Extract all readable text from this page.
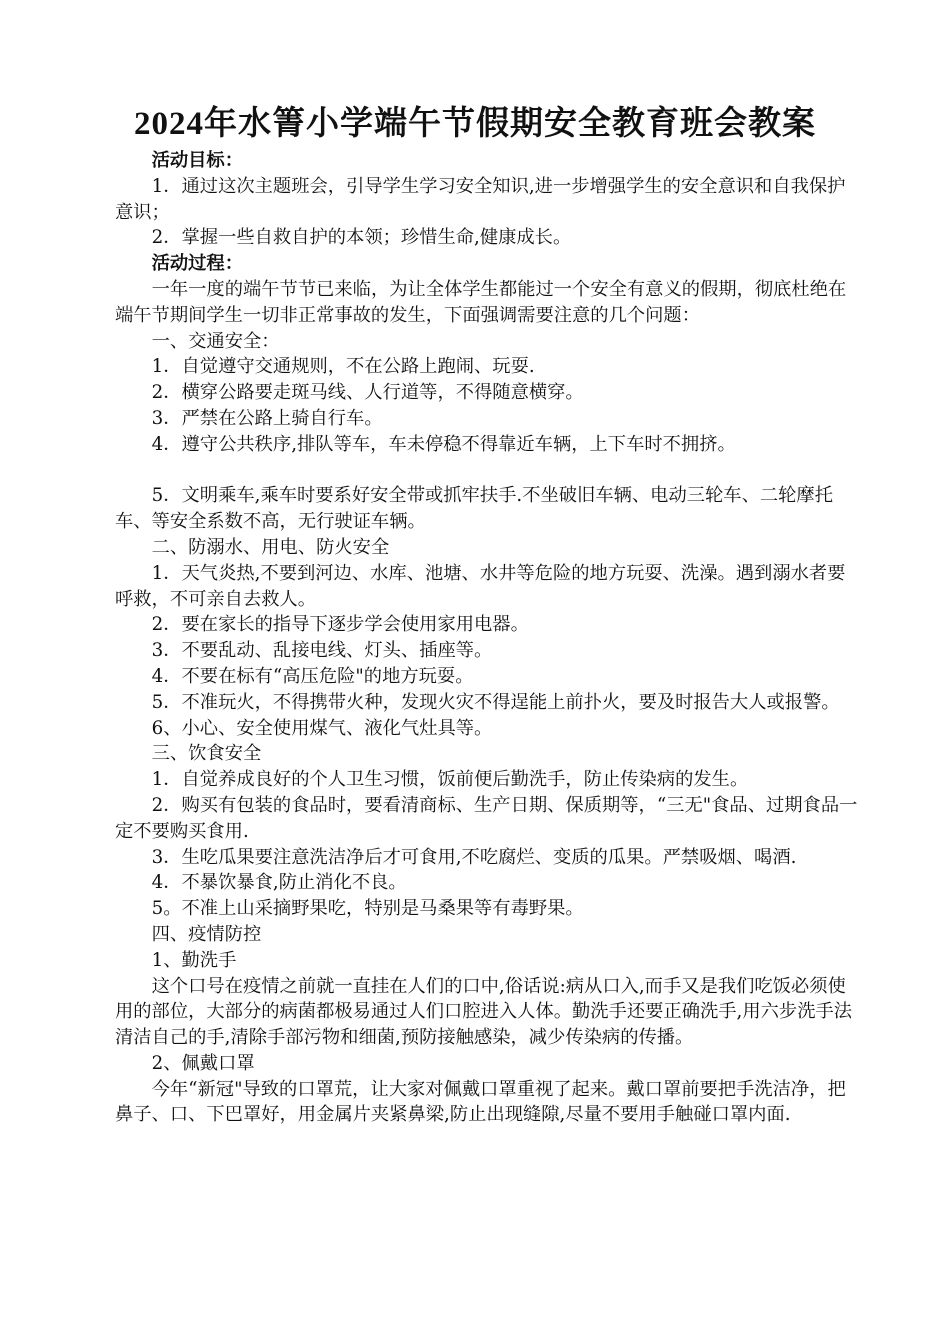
2024年水箐小学端午节假期安全教育班会教案

活动目标：

1．通过这次主题班会，引导学生学习安全知识,进一步增强学生的安全意识和自我保护意识；

2．掌握一些自救自护的本领；珍惜生命,健康成长。

活动过程：

一年一度的端午节节已来临，为让全体学生都能过一个安全有意义的假期，彻底杜绝在端午节期间学生一切非正常事故的发生，下面强调需要注意的几个问题：

一、交通安全：

1．自觉遵守交通规则，不在公路上跑闹、玩耍.

2．横穿公路要走斑马线、人行道等，不得随意横穿。

3．严禁在公路上骑自行车。

4．遵守公共秩序,排队等车，车未停稳不得靠近车辆，上下车时不拥挤。

5．文明乘车,乘车时要系好安全带或抓牢扶手.不坐破旧车辆、电动三轮车、二轮摩托车、等安全系数不高，无行驶证车辆。

二、防溺水、用电、防火安全

1．天气炎热,不要到河边、水库、池塘、水井等危险的地方玩耍、洗澡。遇到溺水者要呼救，不可亲自去救人。

2．要在家长的指导下逐步学会使用家用电器。

3．不要乱动、乱接电线、灯头、插座等。

4．不要在标有“高压危险"的地方玩耍。

5．不准玩火，不得携带火种，发现火灾不得逞能上前扑火，要及时报告大人或报警。

6、小心、安全使用煤气、液化气灶具等。

三、饮食安全

1．自觉养成良好的个人卫生习惯，饭前便后勤洗手，防止传染病的发生。

2．购买有包装的食品时，要看清商标、生产日期、保质期等，“三无"食品、过期食品一定不要购买食用.

3．生吃瓜果要注意洗洁净后才可食用,不吃腐烂、变质的瓜果。严禁吸烟、喝酒.

4．不暴饮暴食,防止消化不良。

5。不准上山采摘野果吃，特别是马桑果等有毒野果。

四、疫情防控

1、勤洗手

这个口号在疫情之前就一直挂在人们的口中,俗话说:病从口入,而手又是我们吃饭必须使用的部位，大部分的病菌都极易通过人们口腔进入人体。勤洗手还要正确洗手,用六步洗手法清洁自己的手,清除手部污物和细菌,预防接触感染，减少传染病的传播。

2、佩戴口罩

今年“新冠"导致的口罩荒，让大家对佩戴口罩重视了起来。戴口罩前要把手洗洁净，把鼻子、口、下巴罩好，用金属片夹紧鼻梁,防止出现缝隙,尽量不要用手触碰口罩内面.
